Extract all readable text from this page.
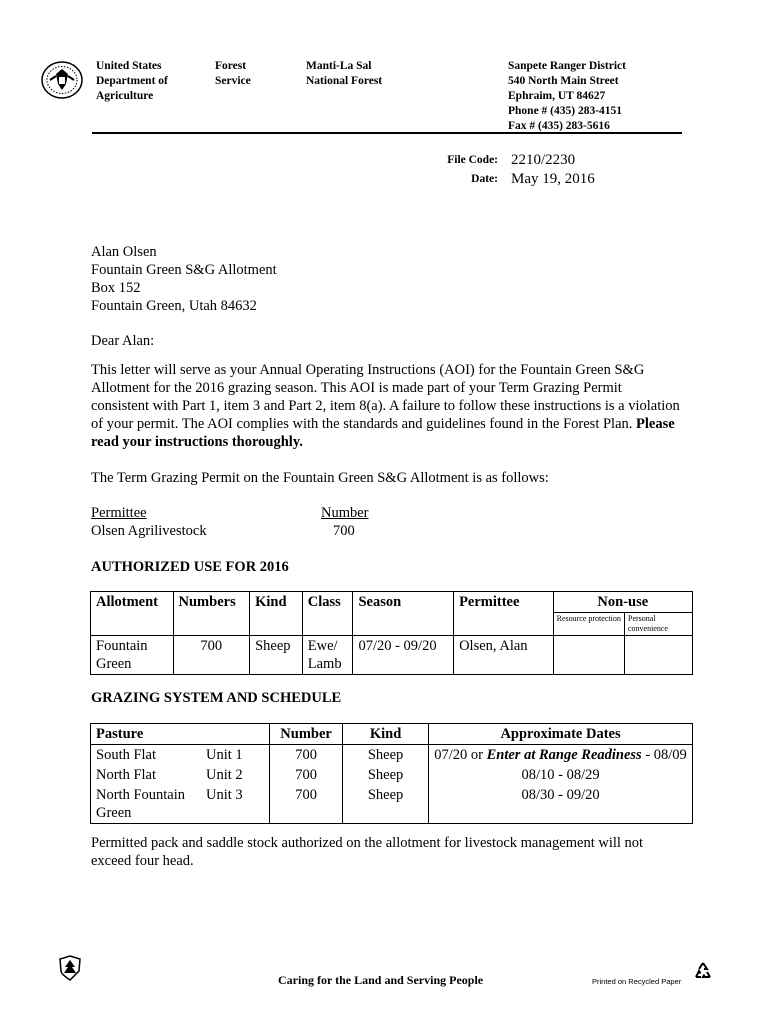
United States
Department of
Agriculture
Forest
Service
Manti-La Sal
National Forest
Sanpete Ranger District
540 North Main Street
Ephraim, UT 84627
Phone # (435) 283-4151
Fax # (435) 283-5616
File Code: 2210/2230
Date: May 19, 2016
Alan Olsen
Fountain Green S&G Allotment
Box 152
Fountain Green, Utah 84632
Dear Alan:
This letter will serve as your Annual Operating Instructions (AOI) for the Fountain Green S&G Allotment for the 2016 grazing season. This AOI is made part of your Term Grazing Permit consistent with Part 1, item 3 and Part 2, item 8(a). A failure to follow these instructions is a violation of your permit. The AOI complies with the standards and guidelines found in the Forest Plan. Please read your instructions thoroughly.
The Term Grazing Permit on the Fountain Green S&G Allotment is as follows:
Permittee	Number
Olsen Agrilivestock	700
AUTHORIZED USE FOR 2016
Allotment	Numbers	Kind	Class	Season	Permittee	Non-use	
						Resource protection	Personal convenience
Fountain Green	700	Sheep	Ewe/ Lamb	07/20 - 09/20	Olsen, Alan		
GRAZING SYSTEM AND SCHEDULE
Pasture		Number	Kind	Approximate Dates
South Flat	Unit 1	700	Sheep	07/20 or Enter at Range Readiness - 08/09
North Flat	Unit 2	700	Sheep	08/10 - 08/29
North Fountain Green	Unit 3	700	Sheep	08/30 - 09/20
Permitted pack and saddle stock authorized on the allotment for livestock management will not exceed four head.
Caring for the Land and Serving People	Printed on Recycled Paper
